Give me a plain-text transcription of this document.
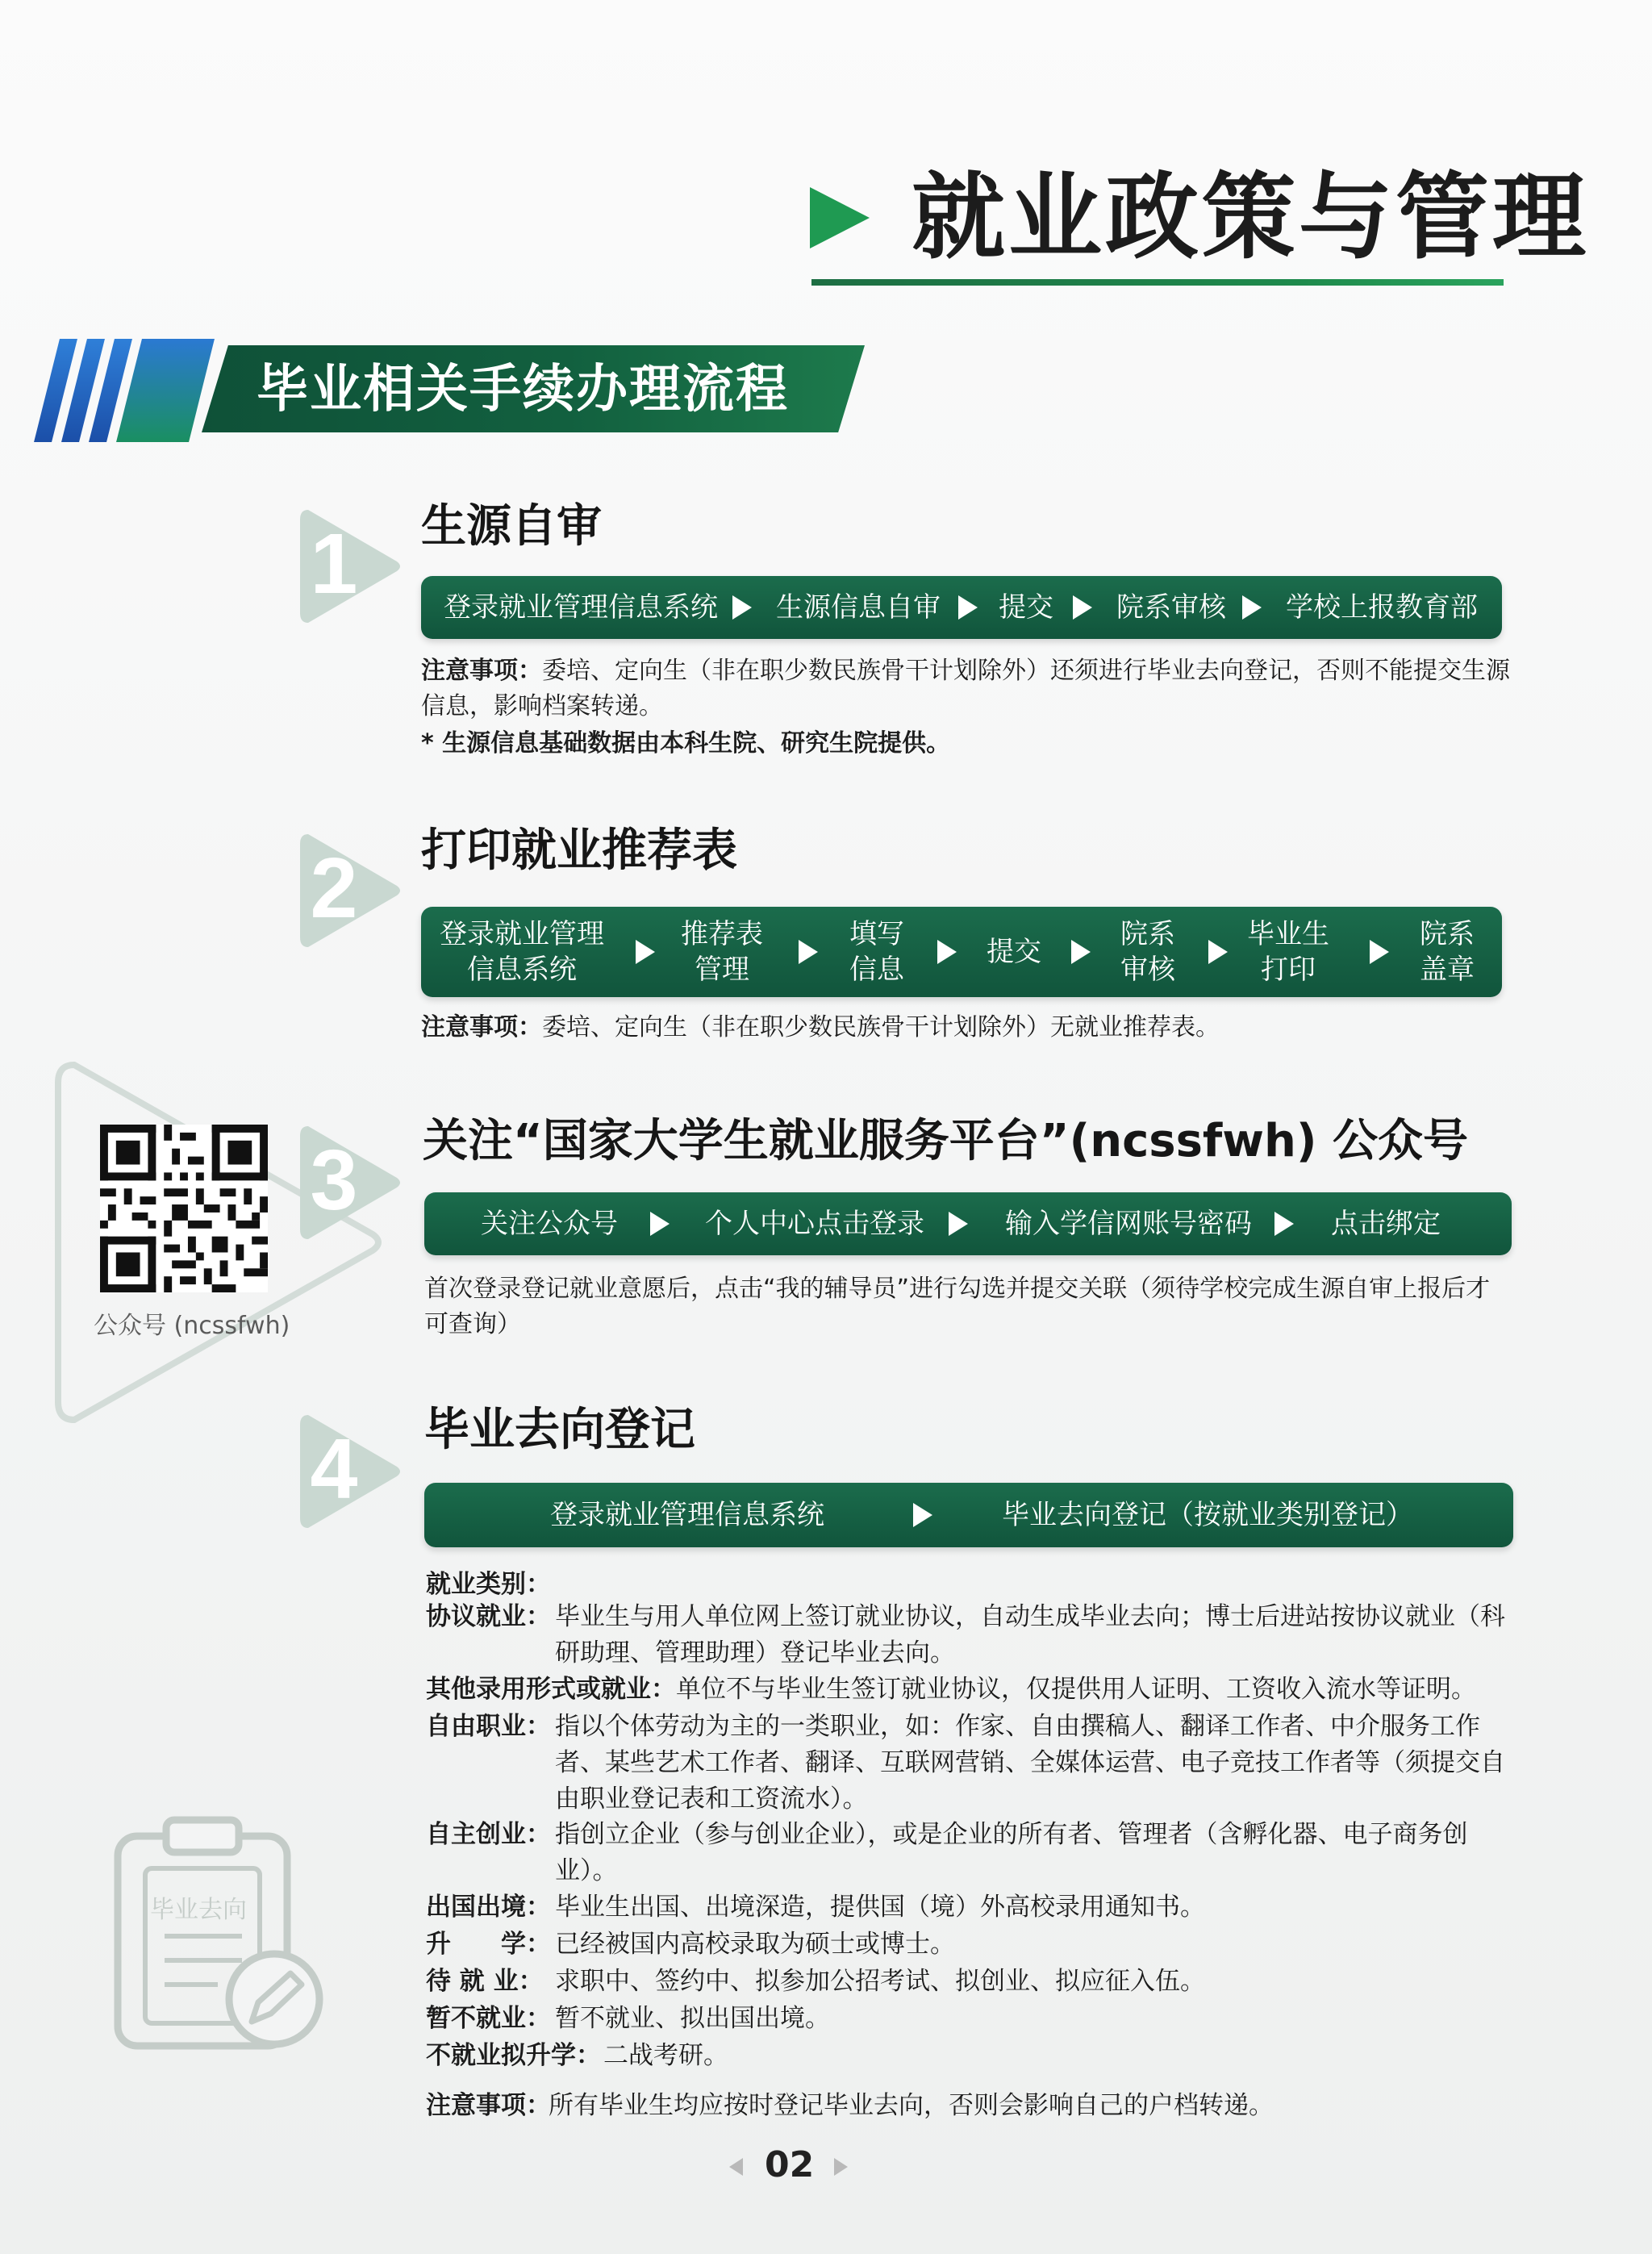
就业政策与管理
毕业相关手续办理流程
1	生源自审
登录就业管理信息系统 生源信息自审 提交 院系审核 学校上报教育部
注意事项：委培、定向生（非在职少数民族骨干计划除外）还须进行毕业去向登记，否则不能提交生源信息，影响档案转递。
* 生源信息基础数据由本科生院、研究生院提供。
2	打印就业推荐表
登录就业管理
信息系统
推荐表
管理
填写
信息
提交
院系
审核
毕业生
打印
院系
盖章
注意事项：委培、定向生（非在职少数民族骨干计划除外）无就业推荐表。
公众号 (ncssfwh)
3	关注“国家大学生就业服务平台”(ncssfwh) 公众号
关注公众号	个人中心点击登录	输入学信网账号密码	点击绑定
首次登录登记就业意愿后，点击“我的辅导员”进行勾选并提交关联（须待学校完成生源自审上报后才可查询）
4	毕业去向登记
登录就业管理信息系统	毕业去向登记（按就业类别登记）
就业类别：
协议就业： 毕业生与用人单位网上签订就业协议，自动生成毕业去向；博士后进站按协议就业（科研助理、管理助理）登记毕业去向。
其他录用形式或就业： 单位不与毕业生签订就业协议，仅提供用人证明、工资收入流水等证明。
自由职业： 指以个体劳动为主的一类职业，如：作家、自由撰稿人、翻译工作者、中介服务工作者、某些艺术工作者、翻译、互联网营销、全媒体运营、电子竞技工作者等（须提交自由职业登记表和工资流水）。
自主创业： 指创立企业（参与创业企业），或是企业的所有者、管理者（含孵化器、电子商务创业）。
出国出境： 毕业生出国、出境深造，提供国（境）外高校录用通知书。
升　　学： 已经被国内高校录取为硕士或博士。
待 就 业： 求职中、签约中、拟参加公招考试、拟创业、拟应征入伍。
暂不就业： 暂不就业、拟出国出境。
不就业拟升学： 二战考研。
注意事项：
所有毕业生均应按时登记毕业去向，否则会影响自己的户档转递。
毕业去向
02
